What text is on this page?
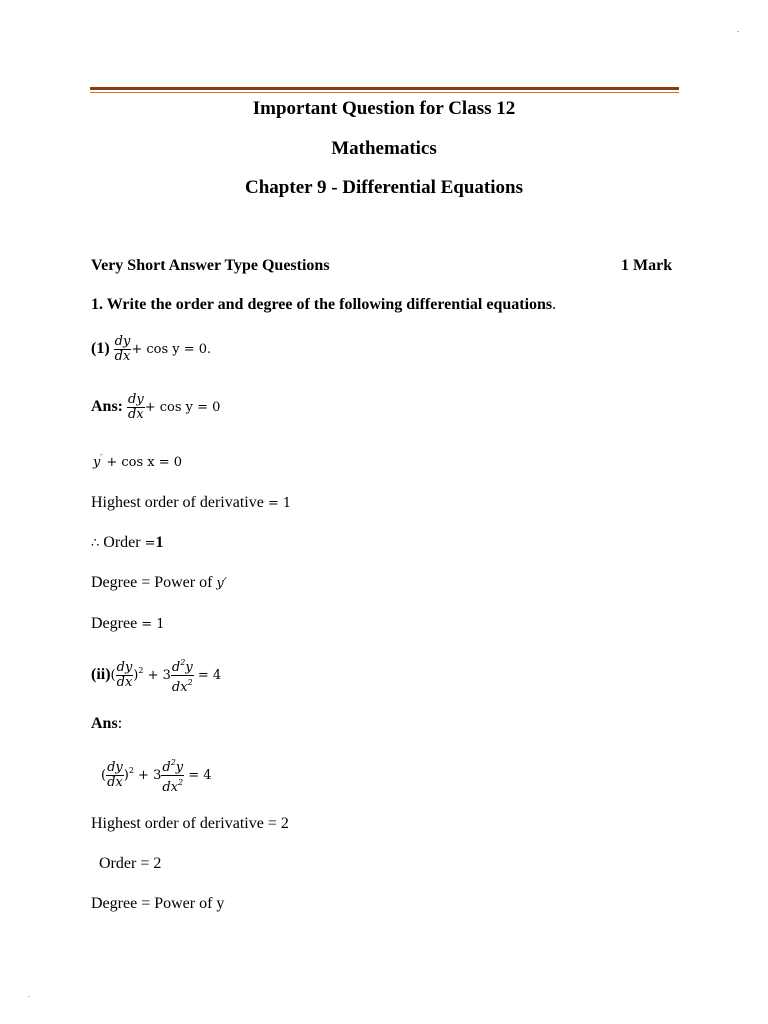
Important Question for Class 12
Mathematics
Chapter 9 - Differential Equations
Very Short Answer Type Questions	1 Mark
1. Write the order and degree of the following differential equations.
$(1) \frac{dy}{dx} + \cos y = 0$.
Ans: $\frac{dy}{dx} + \cos y = 0$
y′ + cos x = 0
Highest order of derivative = 1
∴ Order =1
Degree = Power of y′
Degree = 1
$(ii)( \frac{dy}{dx} )^2 + 3 \frac{d^2y}{dx^2} = 4$
Ans:
( $\frac{dy}{dx} )^2 + 3 \frac{d^2y}{dx^2} = 4$
Highest order of derivative = 2
Order = 2
Degree = Power of y
